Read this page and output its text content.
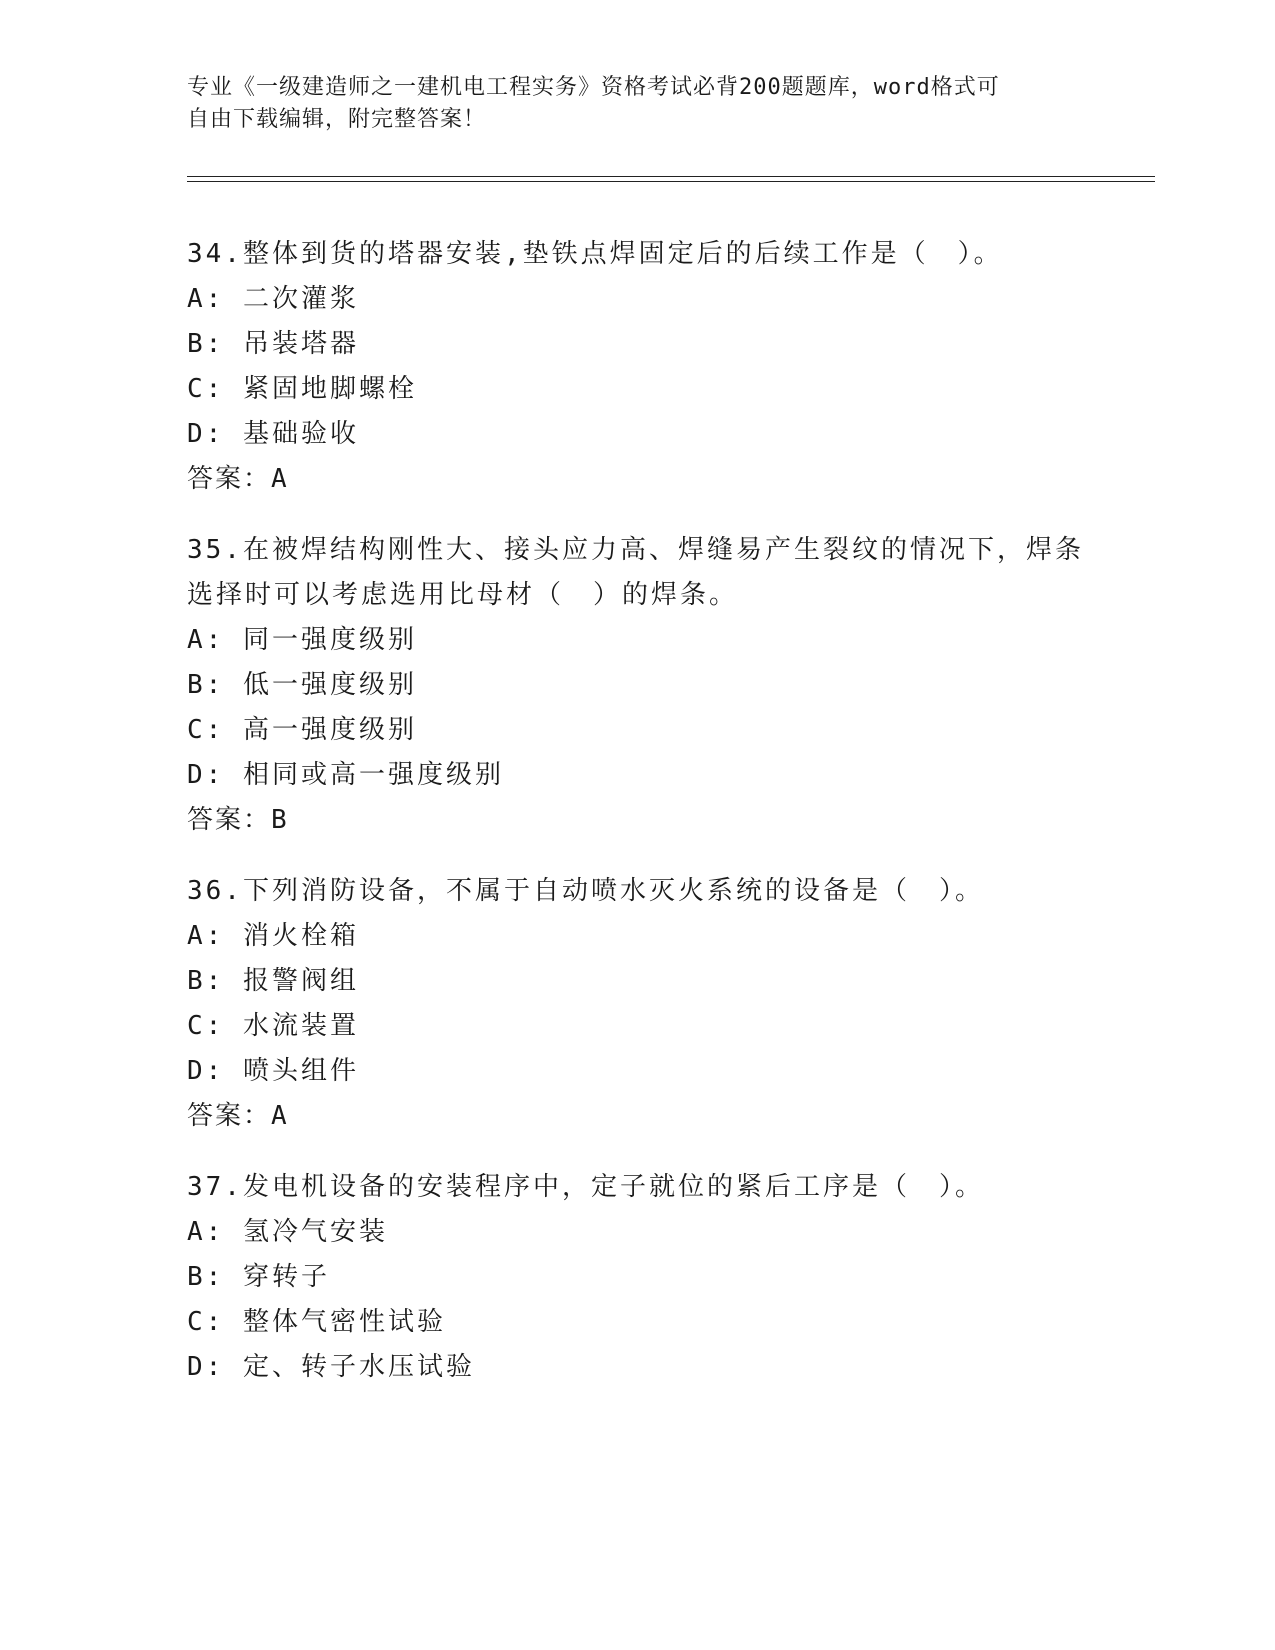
专业《一级建造师之一建机电工程实务》资格考试必背200题题库，word格式可
自由下载编辑，附完整答案！
34.整体到货的塔器安装,垫铁点焊固定后的后续工作是（　）。
A: 二次灌浆
B: 吊装塔器
C: 紧固地脚螺栓
D: 基础验收
答案：A
35.在被焊结构刚性大、接头应力高、焊缝易产生裂纹的情况下，焊条
选择时可以考虑选用比母材（　）的焊条。
A: 同一强度级别
B: 低一强度级别
C: 高一强度级别
D: 相同或高一强度级别
答案：B
36.下列消防设备，不属于自动喷水灭火系统的设备是（　）。
A: 消火栓箱
B: 报警阀组
C: 水流装置
D: 喷头组件
答案：A
37.发电机设备的安装程序中，定子就位的紧后工序是（　）。
A: 氢冷气安装
B: 穿转子
C: 整体气密性试验
D: 定、转子水压试验
